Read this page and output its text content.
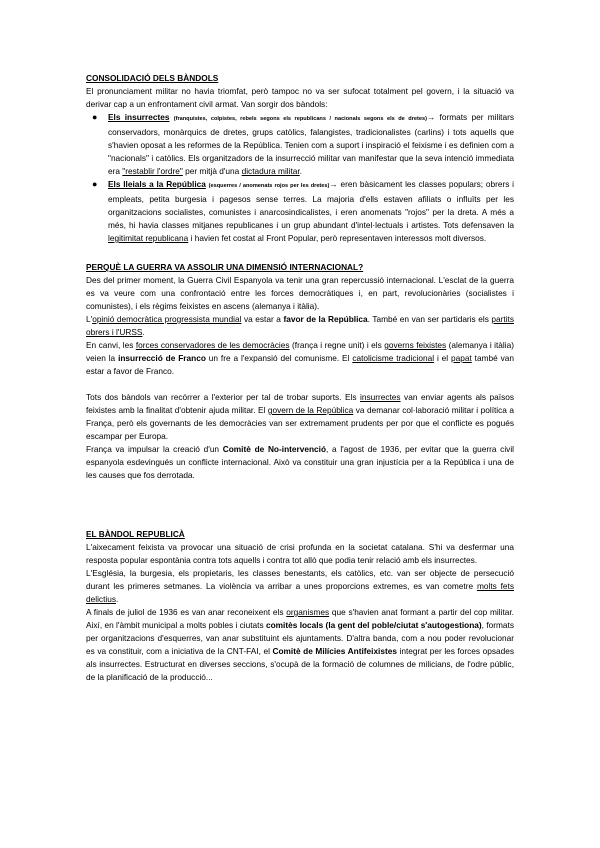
CONSOLIDACIÓ DELS BÀNDOLS

El pronunciament militar no havia triomfat, però tampoc no va ser sufocat totalment pel govern, i la situació va derivar cap a un enfrontament civil armat. Van sorgir dos bàndols:

● Els insurrectes (franquistes, colpistes, rebels segons els republicans / nacionals segons els de dretes)→ formats per militars conservadors, monàrquics de dretes, grups catòlics, falangistes, tradicionalistes (carlins) i tots aquells que s'havien oposat a les reformes de la República. Tenien com a suport i inspiració el feixisme i es definien com a "nacionals" i catòlics. Els organitzadors de la insurrecció militar van manifestar que la seva intenció immediata era "restablir l'ordre" per mitjà d'una dictadura militar.
● Els lleials a la República (esquerres / anomenats rojos per les dretes)→ eren bàsicament les classes populars; obrers i empleats, petita burgesia i pagesos sense terres. La majoria d'ells estaven afiliats o influïts per les organitzacions socialistes, comunistes i anarcosindicalistes, i eren anomenats "rojos" per la dreta. A més a més, hi havia classes mitjanes republicanes i un grup abundant d'intel·lectuals i artistes. Tots defensaven la legitimitat republicana i havien fet costat al Front Popular, però representaven interessos molt diversos.

PERQUÈ LA GUERRA VA ASSOLIR UNA DIMENSIÓ INTERNACIONAL?

Des del primer moment, la Guerra Civil Espanyola va tenir una gran repercussió internacional. L'esclat de la guerra es va veure com una confrontació entre les forces democràtiques i, en part, revolucionàries (socialistes i comunistes), i els règims feixistes en ascens (alemanya i itàlia).

L'opinió democràtica progressista mundial va estar a favor de la República. També en van ser partidaris els partits obrers i l'URSS.

En canvi, les forces conservadores de les democràcies (frança i regne unit) i els governs feixistes (alemanya i itàlia) veien la insurrecció de Franco un fre a l'expansió del comunisme. El catolicisme tradicional i el papat també van estar a favor de Franco.

Tots dos bàndols van recórrer a l'exterior per tal de trobar suports. Els insurrectes van enviar agents als països feixistes amb la finalitat d'obtenir ajuda militar. El govern de la República va demanar col·laboració militar i política a França, però els governants de les democràcies van ser extremament prudents per por que el conflicte es pogués escampar per Europa.

França va impulsar la creació d'un Comitè de No-intervenció, a l'agost de 1936, per evitar que la guerra civil espanyola esdevingués un conflicte internacional. Això va constituir una gran injustícia per a la República i una de les causes que fos derrotada.

EL BÀNDOL REPUBLICÀ

L'aixecament feixista va provocar una situació de crisi profunda en la societat catalana. S'hi va desfermar una resposta popular espontània contra tots aquells i contra tot allò que podia tenir relació amb els insurrectes.

L'Església, la burgesia, els propietaris, les classes benestants, els catòlics, etc. van ser objecte de persecució durant les primeres setmanes. La violència va arribar a unes proporcions extremes, es van cometre molts fets delictius.

A finals de juliol de 1936 es van anar reconeixent els organismes que s'havien anat formant a partir del cop militar. Així, en l'àmbit municipal a molts pobles i ciutats comitès locals (la gent del poble/ciutat s'autogestiona), formats per organitzacions d'esquerres, van anar substituint els ajuntaments. D'altra banda, com a nou poder revolucionar es va constituir, com a iniciativa de la CNT-FAI, el Comitè de Milícies Antifeixistes integrat per les forces opsades als insurrectes. Estructurat en diverses seccions, s'ocupà de la formació de columnes de milicians, de l'odre públic, de la planificació de la producció...
